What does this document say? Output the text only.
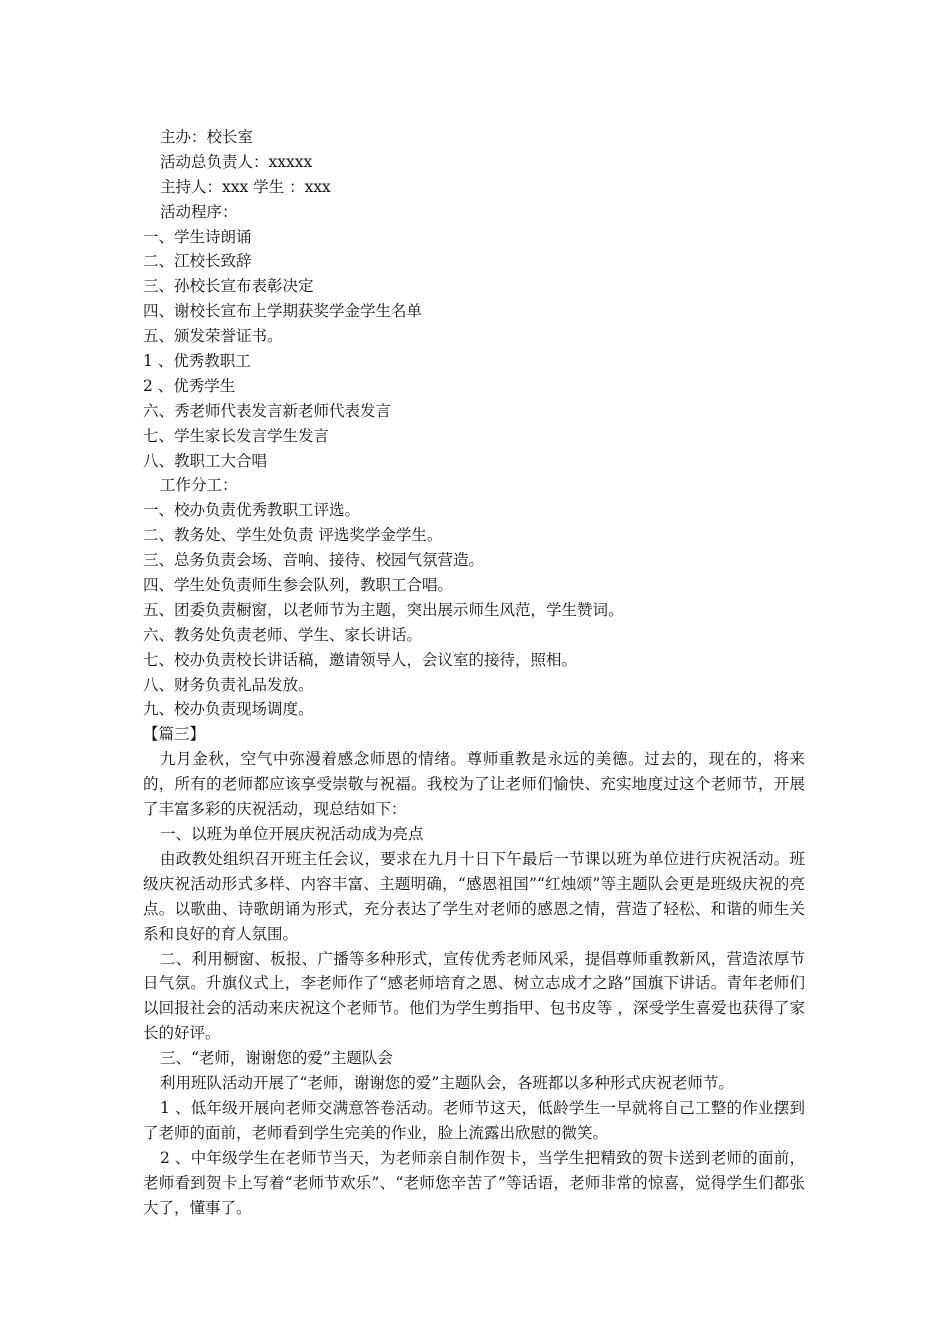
主办：校长室
活动总负责人：xxxxx
主持人：xxx 学生 ：xxx
活动程序：
一、学生诗朗诵
二、江校长致辞
三、孙校长宣布表彰决定
四、谢校长宣布上学期获奖学金学生名单
五、颁发荣誉证书。
1 、优秀教职工
2 、优秀学生
六、秀老师代表发言新老师代表发言
七、学生家长发言学生发言
八、教职工大合唱
工作分工：
一、校办负责优秀教职工评选。
二、教务处、学生处负责 评选奖学金学生。
三、总务负责会场、音响、接待、校园气氛营造。
四、学生处负责师生参会队列，教职工合唱。
五、团委负责橱窗，以老师节为主题，突出展示师生风范，学生赞词。
六、教务处负责老师、学生、家长讲话。
七、校办负责校长讲话稿，邀请领导人，会议室的接待，照相。
八、财务负责礼品发放。
九、校办负责现场调度。
【篇三】

九月金秋，空气中弥漫着感念师恩的情绪。尊师重教是永远的美德。过去的，现在的，将来的，所有的老师都应该享受崇敬与祝福。我校为了让老师们愉快、充实地度过这个老师节，开展了丰富多彩的庆祝活动，现总结如下：

一、以班为单位开展庆祝活动成为亮点

由政教处组织召开班主任会议，要求在九月十日下午最后一节课以班为单位进行庆祝活动。班级庆祝活动形式多样、内容丰富、主题明确，“感恩祖国”“红烛颂”等主题队会更是班级庆祝的亮点。以歌曲、诗歌朗诵为形式，充分表达了学生对老师的感恩之情，营造了轻松、和谐的师生关系和良好的育人氛围。

二、利用橱窗、板报、广播等多种形式，宣传优秀老师风采，提倡尊师重教新风，营造浓厚节日气氛。升旗仪式上，李老师作了“感老师培育之恩、树立志成才之路”国旗下讲话。青年老师们以回报社会的活动来庆祝这个老师节。他们为学生剪指甲、包书皮等 ，深受学生喜爱也获得了家长的好评。

三、“老师，谢谢您的爱”主题队会

利用班队活动开展了“老师，谢谢您的爱”主题队会，各班都以多种形式庆祝老师节。

1 、低年级开展向老师交满意答卷活动。老师节这天，低龄学生一早就将自己工整的作业摆到了老师的面前，老师看到学生完美的作业，脸上流露出欣慰的微笑。

2 、中年级学生在老师节当天，为老师亲自制作贺卡，当学生把精致的贺卡送到老师的面前，老师看到贺卡上写着“老师节欢乐”、“老师您辛苦了”等话语，老师非常的惊喜，觉得学生们都张大了，懂事了。
